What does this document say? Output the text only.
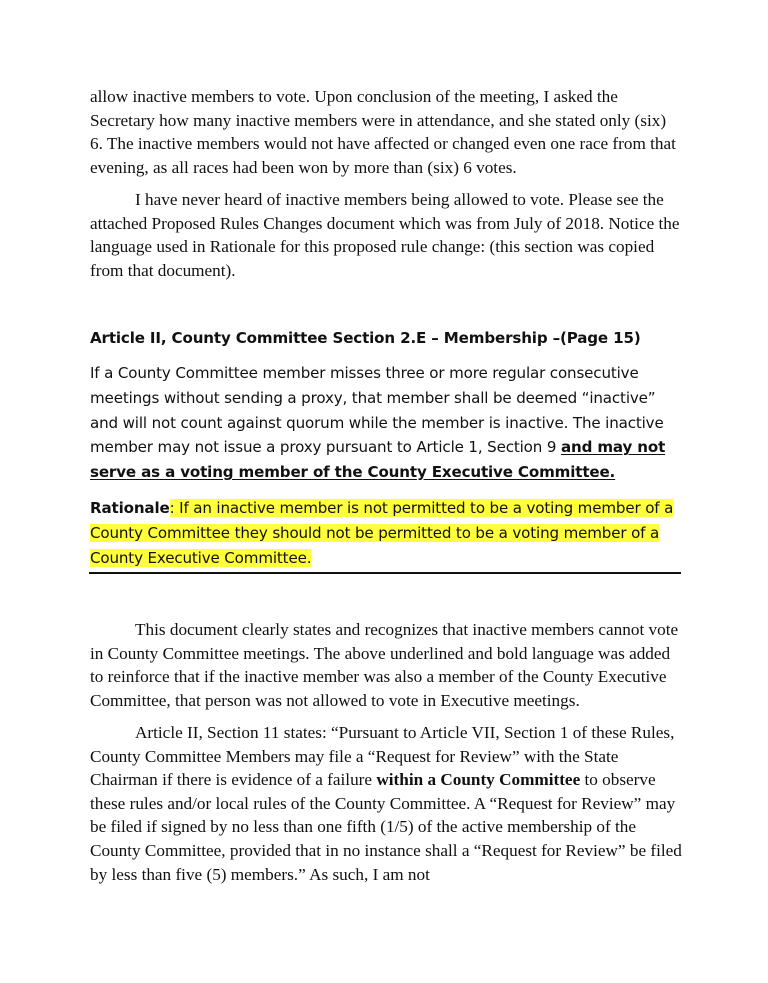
allow inactive members to vote. Upon conclusion of the meeting, I asked the Secretary how many inactive members were in attendance, and she stated only (six) 6. The inactive members would not have affected or changed even one race from that evening, as all races had been won by more than (six) 6 votes.

I have never heard of inactive members being allowed to vote. Please see the attached Proposed Rules Changes document which was from July of 2018. Notice the language used in Rationale for this proposed rule change: (this section was copied from that document).

Article II, County Committee Section 2.E – Membership –(Page 15)

If a County Committee member misses three or more regular consecutive meetings without sending a proxy, that member shall be deemed “inactive” and will not count against quorum while the member is inactive. The inactive member may not issue a proxy pursuant to Article 1, Section 9 and may not serve as a voting member of the County Executive Committee.

Rationale: If an inactive member is not permitted to be a voting member of a County Committee they should not be permitted to be a voting member of a County Executive Committee.

This document clearly states and recognizes that inactive members cannot vote in County Committee meetings. The above underlined and bold language was added to reinforce that if the inactive member was also a member of the County Executive Committee, that person was not allowed to vote in Executive meetings.

Article II, Section 11 states: “Pursuant to Article VII, Section 1 of these Rules, County Committee Members may file a “Request for Review” with the State Chairman if there is evidence of a failure within a County Committee to observe these rules and/or local rules of the County Committee. A “Request for Review” may be filed if signed by no less than one fifth (1/5) of the active membership of the County Committee, provided that in no instance shall a “Request for Review” be filed by less than five (5) members.” As such, I am not
